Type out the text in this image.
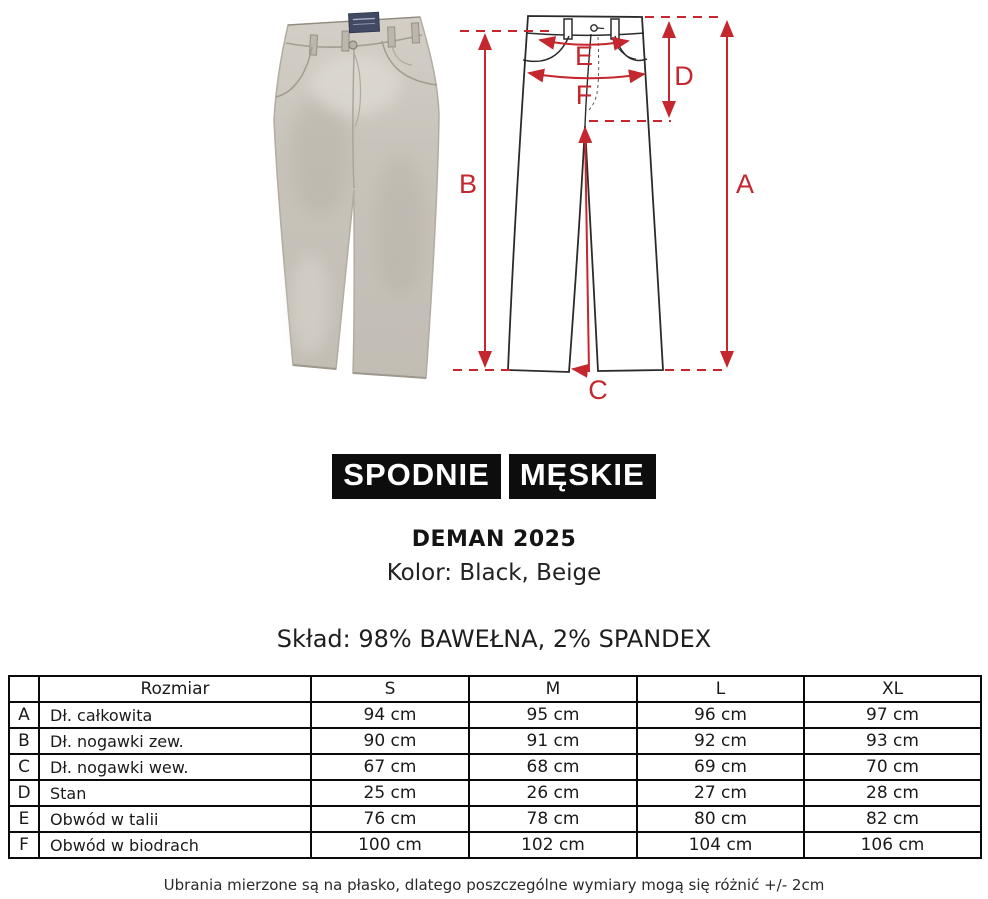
B	A
D
E
F
C
SPODNIE MĘSKIE
DEMAN 2025
Kolor: Black, Beige
Skład: 98% BAWEŁNA, 2% SPANDEX
	Rozmiar	S	M	L	XL
A	Dł. całkowita	94 cm	95 cm	96 cm	97 cm
B	Dł. nogawki zew.	90 cm	91 cm	92 cm	93 cm
C	Dł. nogawki wew.	67 cm	68 cm	69 cm	70 cm
D	Stan	25 cm	26 cm	27 cm	28 cm
E	Obwód w talii	76 cm	78 cm	80 cm	82 cm
F	Obwód w biodrach	100 cm	102 cm	104 cm	106 cm
Ubrania mierzone są na płasko, dlatego poszczególne wymiary mogą się różnić +/- 2cm
